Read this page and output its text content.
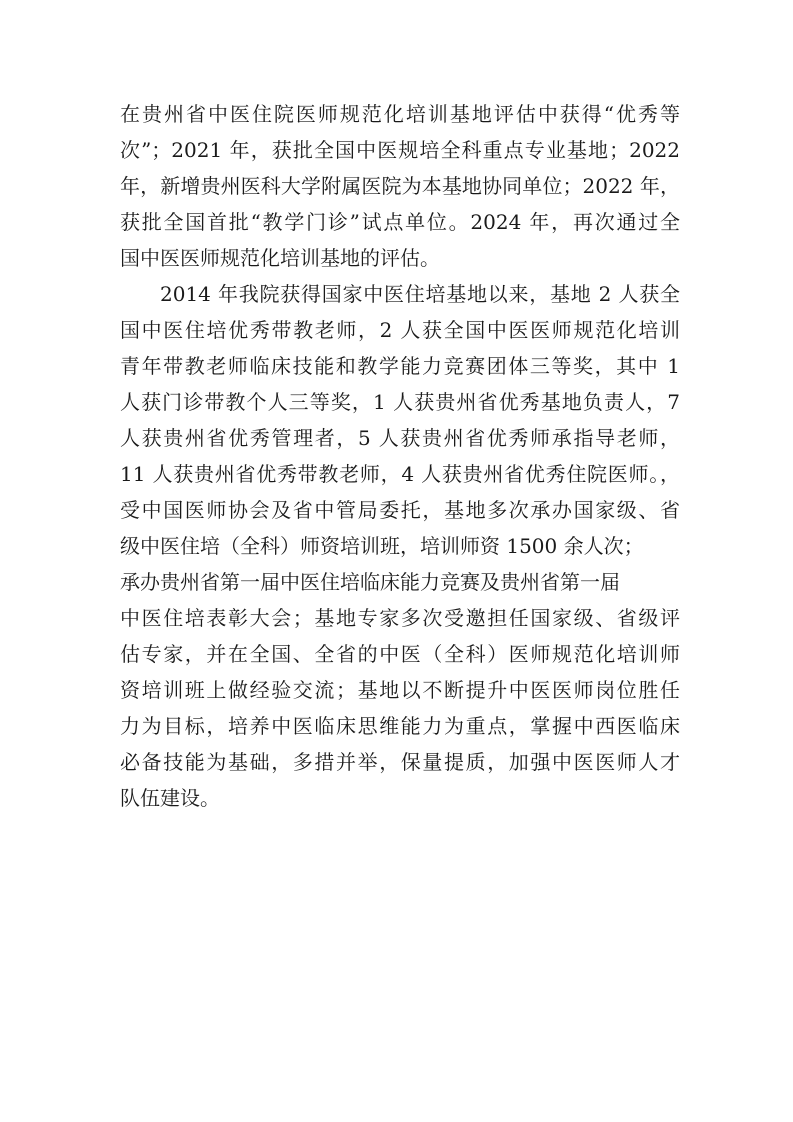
在贵州省中医住院医师规范化培训基地评估中获得“优秀等
次”；2021 年，获批全国中医规培全科重点专业基地；2022
年，新增贵州医科大学附属医院为本基地协同单位；2022 年，
获批全国首批“教学门诊”试点单位。2024 年，再次通过全
国中医医师规范化培训基地的评估。
2014 年我院获得国家中医住培基地以来，基地 2 人获全
国中医住培优秀带教老师，2 人获全国中医医师规范化培训
青年带教老师临床技能和教学能力竞赛团体三等奖，其中 1
人获门诊带教个人三等奖，1 人获贵州省优秀基地负责人，7
人获贵州省优秀管理者，5 人获贵州省优秀师承指导老师，
11 人获贵州省优秀带教老师，4 人获贵州省优秀住院医师。，
受中国医师协会及省中管局委托，基地多次承办国家级、省
级中医住培（全科）师资培训班，培训师资 1500 余人次；
承办贵州省第一届中医住培临床能力竞赛及贵州省第一届
中医住培表彰大会；基地专家多次受邀担任国家级、省级评
估专家，并在全国、全省的中医（全科）医师规范化培训师
资培训班上做经验交流；基地以不断提升中医医师岗位胜任
力为目标，培养中医临床思维能力为重点，掌握中西医临床
必备技能为基础，多措并举，保量提质，加强中医医师人才
队伍建设。
